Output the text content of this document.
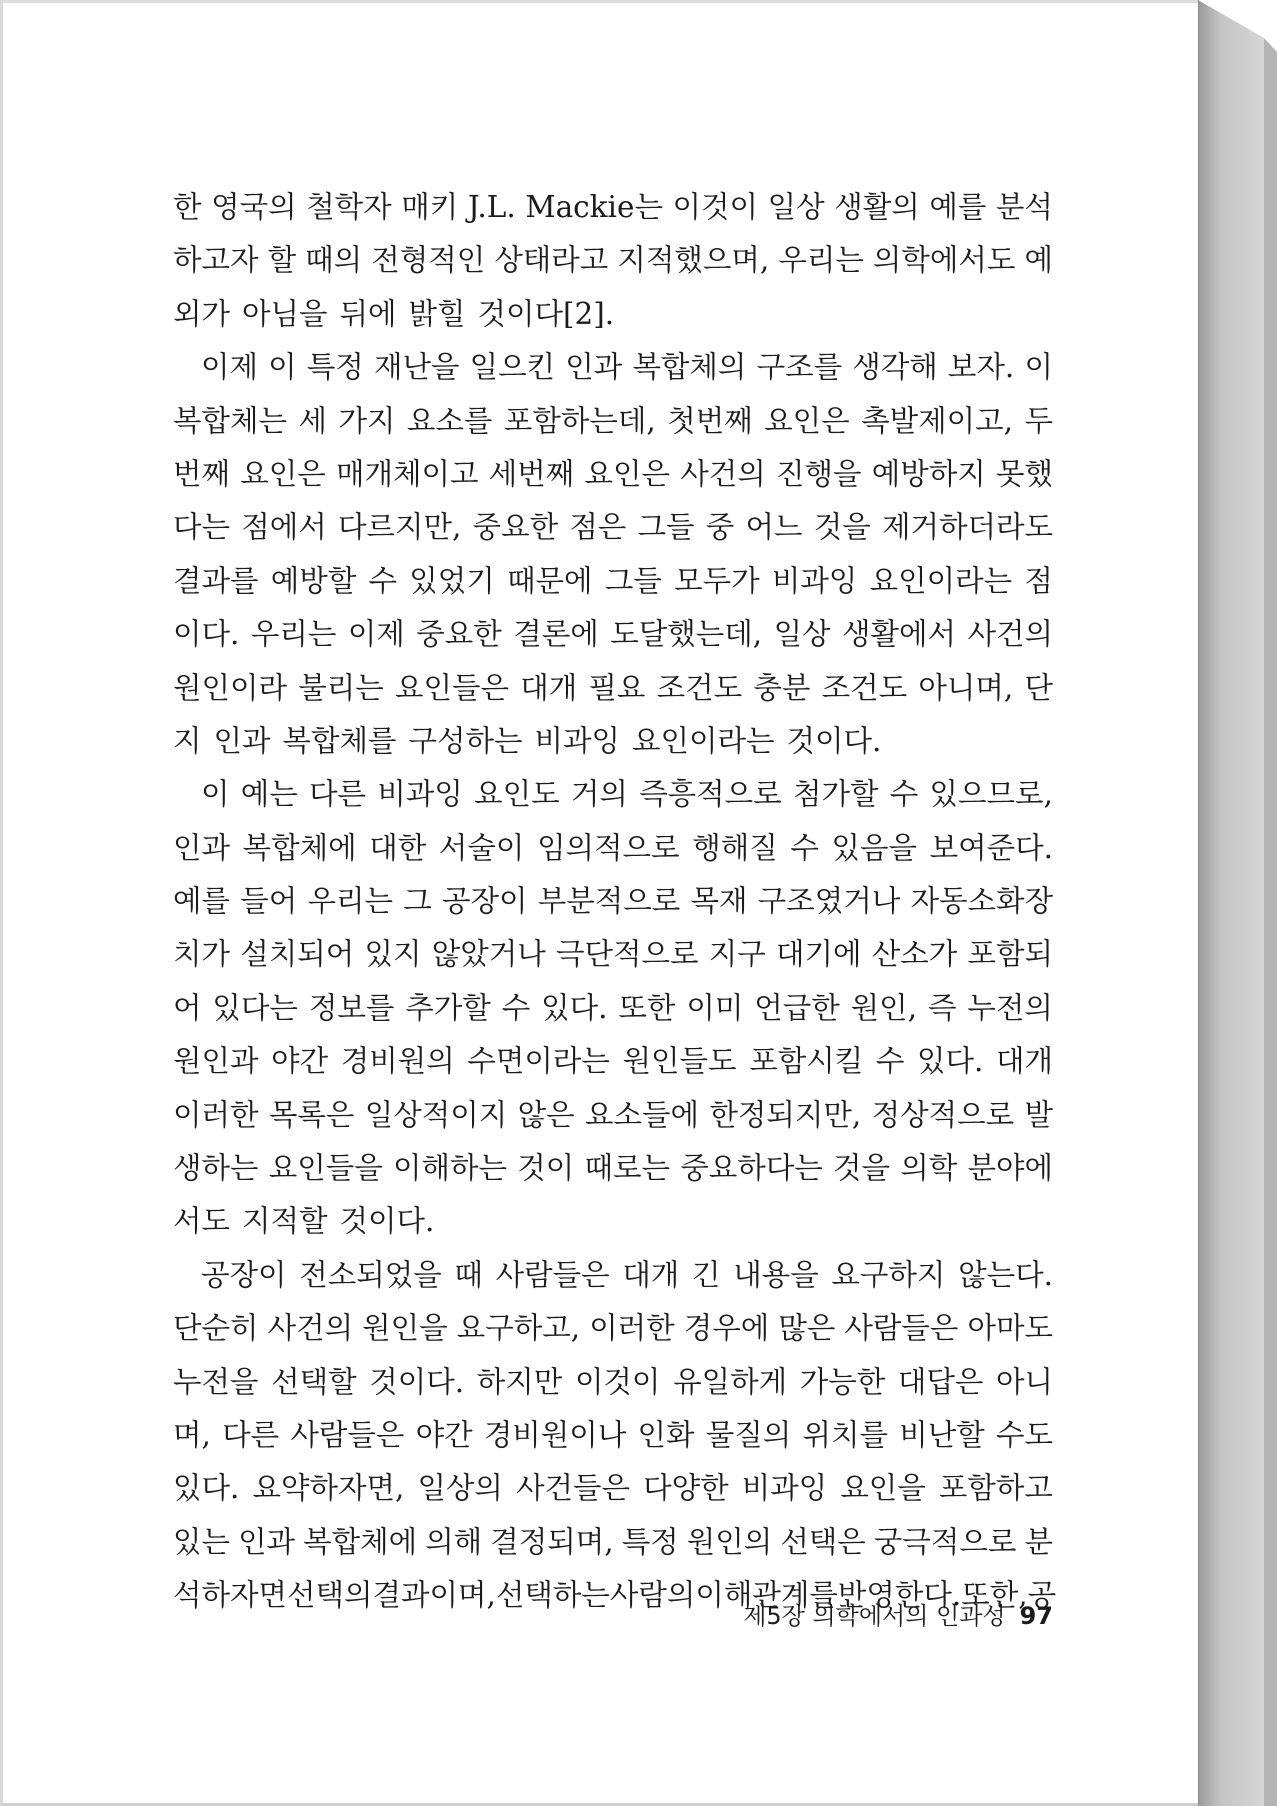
한 영국의 철학자 매키 J.L. Mackie는 이것이 일상 생활의 예를 분석
하고자 할 때의 전형적인 상태라고 지적했으며, 우리는 의학에서도 예
외가 아님을 뒤에 밝힐 것이다[2].
이제 이 특정 재난을 일으킨 인과 복합체의 구조를 생각해 보자. 이
복합체는 세 가지 요소를 포함하는데, 첫번째 요인은 촉발제이고, 두
번째 요인은 매개체이고 세번째 요인은 사건의 진행을 예방하지 못했
다는 점에서 다르지만, 중요한 점은 그들 중 어느 것을 제거하더라도
결과를 예방할 수 있었기 때문에 그들 모두가 비과잉 요인이라는 점
이다. 우리는 이제 중요한 결론에 도달했는데, 일상 생활에서 사건의
원인이라 불리는 요인들은 대개 필요 조건도 충분 조건도 아니며, 단
지 인과 복합체를 구성하는 비과잉 요인이라는 것이다.
이 예는 다른 비과잉 요인도 거의 즉흥적으로 첨가할 수 있으므로,
인과 복합체에 대한 서술이 임의적으로 행해질 수 있음을 보여준다.
예를 들어 우리는 그 공장이 부분적으로 목재 구조였거나 자동소화장
치가 설치되어 있지 않았거나 극단적으로 지구 대기에 산소가 포함되
어 있다는 정보를 추가할 수 있다. 또한 이미 언급한 원인, 즉 누전의
원인과 야간 경비원의 수면이라는 원인들도 포함시킬 수 있다. 대개
이러한 목록은 일상적이지 않은 요소들에 한정되지만, 정상적으로 발
생하는 요인들을 이해하는 것이 때로는 중요하다는 것을 의학 분야에
서도 지적할 것이다.
공장이 전소되었을 때 사람들은 대개 긴 내용을 요구하지 않는다.
단순히 사건의 원인을 요구하고, 이러한 경우에 많은 사람들은 아마도
누전을 선택할 것이다. 하지만 이것이 유일하게 가능한 대답은 아니
며, 다른 사람들은 야간 경비원이나 인화 물질의 위치를 비난할 수도
있다. 요약하자면, 일상의 사건들은 다양한 비과잉 요인을 포함하고
있는 인과 복합체에 의해 결정되며, 특정 원인의 선택은 궁극적으로 분
석하자면 선택의 결과이며, 선택하는 사람의 이해관계를 반영한다. 또한, 공
제5장 의학에서의 인과성 97
